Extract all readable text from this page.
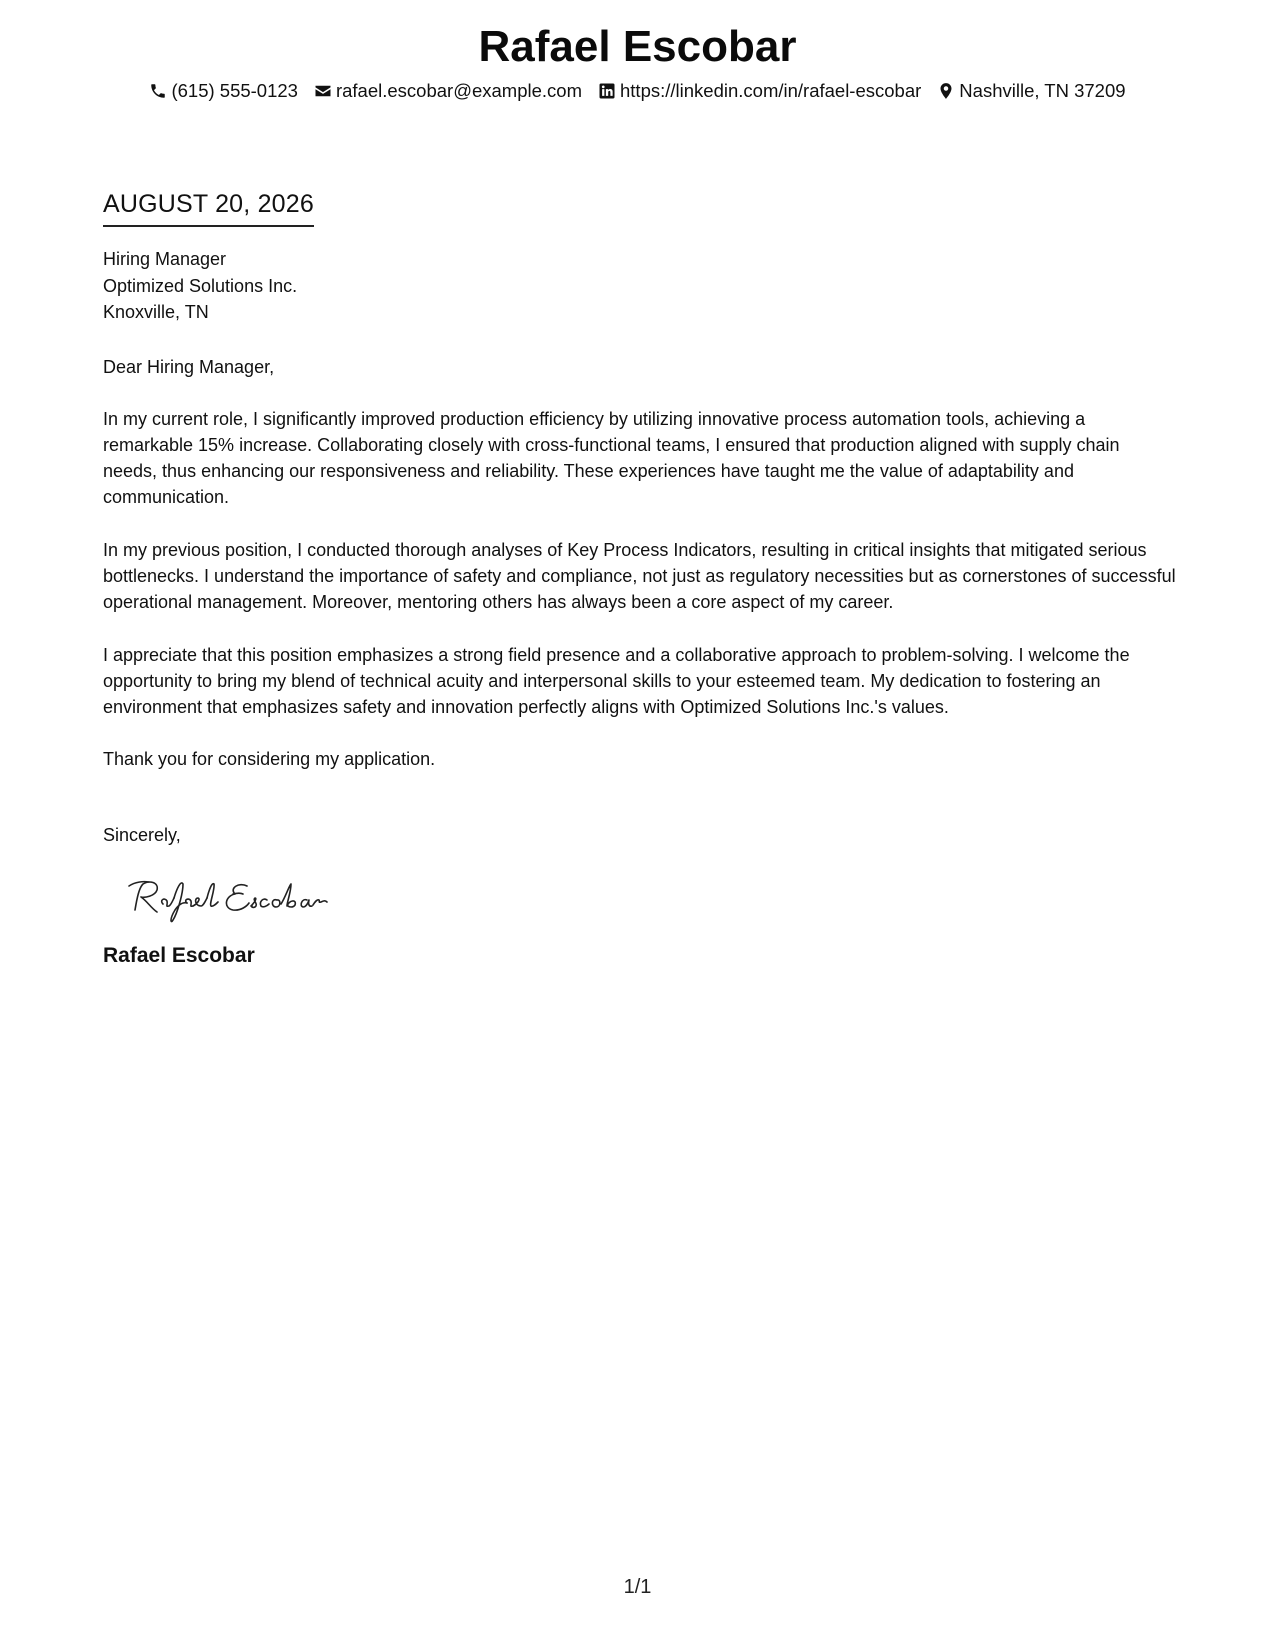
Rafael Escobar
(615) 555-0123 rafael.escobar@example.com https://linkedin.com/in/rafael-escobar Nashville, TN 37209
AUGUST 20, 2026
Hiring Manager
Optimized Solutions Inc.
Knoxville, TN
Dear Hiring Manager,
In my current role, I significantly improved production efficiency by utilizing innovative process automation tools, achieving a remarkable 15% increase. Collaborating closely with cross-functional teams, I ensured that production aligned with supply chain needs, thus enhancing our responsiveness and reliability. These experiences have taught me the value of adaptability and communication.
In my previous position, I conducted thorough analyses of Key Process Indicators, resulting in critical insights that mitigated serious bottlenecks. I understand the importance of safety and compliance, not just as regulatory necessities but as cornerstones of successful operational management. Moreover, mentoring others has always been a core aspect of my career.
I appreciate that this position emphasizes a strong field presence and a collaborative approach to problem-solving. I welcome the opportunity to bring my blend of technical acuity and interpersonal skills to your esteemed team. My dedication to fostering an environment that emphasizes safety and innovation perfectly aligns with Optimized Solutions Inc.'s values.
Thank you for considering my application.
Sincerely,
Rafael Escobar
1/1
